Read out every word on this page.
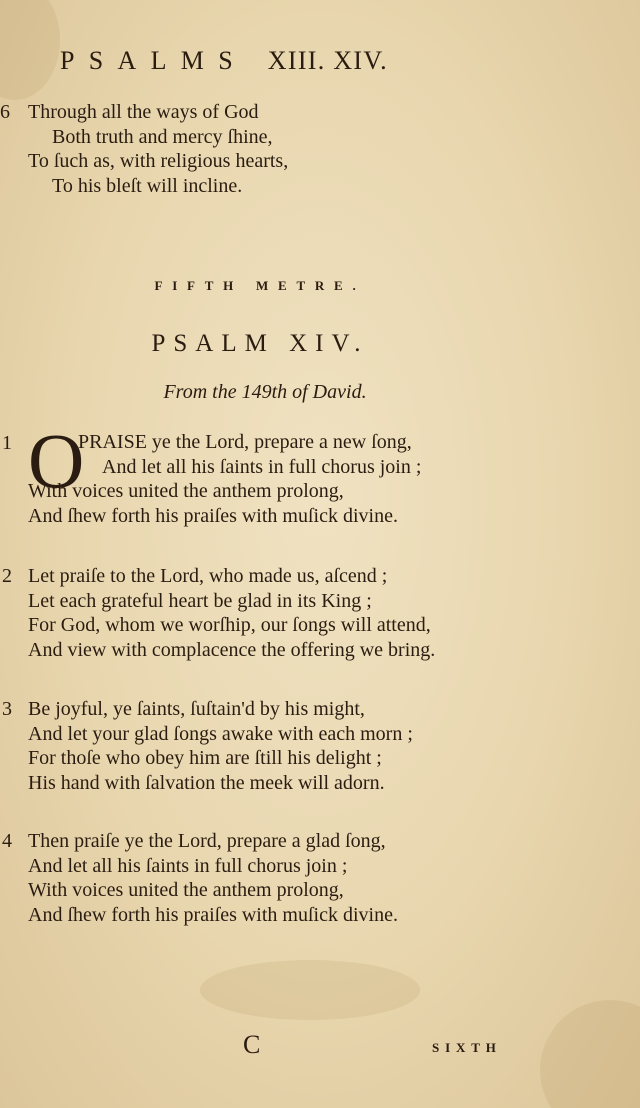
PSALMS XIII. XIV.
6 Through all the ways of God
Both truth and mercy ſhine,
To ſuch as, with religious hearts,
To his bleſt will incline.
FIFTH METRE.
PSALM XIV.
From the 149th of David.
1 O
PRAISE ye the Lord, prepare a new ſong,
And let all his ſaints in full chorus join ;
With voices united the anthem prolong,
And ſhew forth his praiſes with muſick divine.
2 Let praiſe to the Lord, who made us, aſcend ;
Let each grateful heart be glad in its King ;
For God, whom we worſhip, our ſongs will attend,
And view with complacence the offering we bring.
3 Be joyful, ye ſaints, ſuſtain'd by his might,
And let your glad ſongs awake with each morn ;
For thoſe who obey him are ſtill his delight ;
His hand with ſalvation the meek will adorn.
4 Then praiſe ye the Lord, prepare a glad ſong,
And let all his ſaints in full chorus join ;
With voices united the anthem prolong,
And ſhew forth his praiſes with muſick divine.
C	SIXTH
